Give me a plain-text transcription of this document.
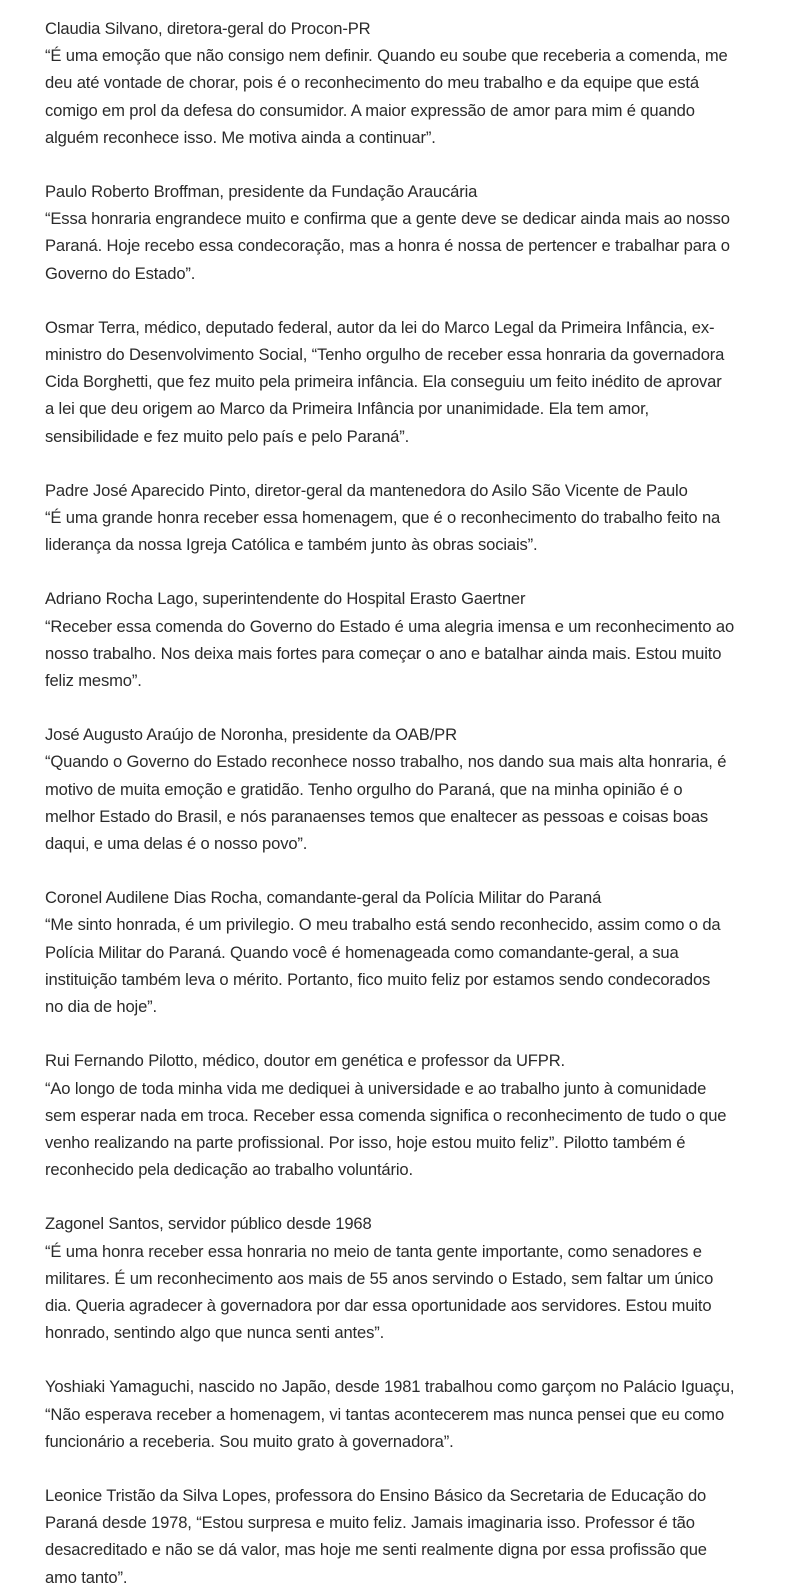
Claudia Silvano, diretora-geral do Procon-PR
“É uma emoção que não consigo nem definir. Quando eu soube que receberia a comenda, me
deu até vontade de chorar, pois é o reconhecimento do meu trabalho e da equipe que está
comigo em prol da defesa do consumidor. A maior expressão de amor para mim é quando
alguém reconhece isso. Me motiva ainda a continuar”.

Paulo Roberto Broffman, presidente da Fundação Araucária
“Essa honraria engrandece muito e confirma que a gente deve se dedicar ainda mais ao nosso
Paraná. Hoje recebo essa condecoração, mas a honra é nossa de pertencer e trabalhar para o
Governo do Estado”.

Osmar Terra, médico, deputado federal, autor da lei do Marco Legal da Primeira Infância, ex-
ministro do Desenvolvimento Social, “Tenho orgulho de receber essa honraria da governadora
Cida Borghetti, que fez muito pela primeira infância. Ela conseguiu um feito inédito de aprovar
a lei que deu origem ao Marco da Primeira Infância por unanimidade. Ela tem amor,
sensibilidade e fez muito pelo país e pelo Paraná”.

Padre José Aparecido Pinto, diretor-geral da mantenedora do Asilo São Vicente de Paulo
“É uma grande honra receber essa homenagem, que é o reconhecimento do trabalho feito na
liderança da nossa Igreja Católica e também junto às obras sociais”.

Adriano Rocha Lago, superintendente do Hospital Erasto Gaertner
“Receber essa comenda do Governo do Estado é uma alegria imensa e um reconhecimento ao
nosso trabalho. Nos deixa mais fortes para começar o ano e batalhar ainda mais. Estou muito
feliz mesmo”.

José Augusto Araújo de Noronha, presidente da OAB/PR
“Quando o Governo do Estado reconhece nosso trabalho, nos dando sua mais alta honraria, é
motivo de muita emoção e gratidão. Tenho orgulho do Paraná, que na minha opinião é o
melhor Estado do Brasil, e nós paranaenses temos que enaltecer as pessoas e coisas boas
daqui, e uma delas é o nosso povo”.

Coronel Audilene Dias Rocha, comandante-geral da Polícia Militar do Paraná
“Me sinto honrada, é um privilegio. O meu trabalho está sendo reconhecido, assim como o da
Polícia Militar do Paraná. Quando você é homenageada como comandante-geral, a sua
instituição também leva o mérito. Portanto, fico muito feliz por estamos sendo condecorados
no dia de hoje”.

Rui Fernando Pilotto, médico, doutor em genética e professor da UFPR.
“Ao longo de toda minha vida me dediquei à universidade e ao trabalho junto à comunidade
sem esperar nada em troca. Receber essa comenda significa o reconhecimento de tudo o que
venho realizando na parte profissional. Por isso, hoje estou muito feliz”. Pilotto também é
reconhecido pela dedicação ao trabalho voluntário.

Zagonel Santos, servidor público desde 1968
“É uma honra receber essa honraria no meio de tanta gente importante, como senadores e
militares. É um reconhecimento aos mais de 55 anos servindo o Estado, sem faltar um único
dia. Queria agradecer à governadora por dar essa oportunidade aos servidores. Estou muito
honrado, sentindo algo que nunca senti antes”.

Yoshiaki Yamaguchi, nascido no Japão, desde 1981 trabalhou como garçom no Palácio Iguaçu,
“Não esperava receber a homenagem, vi tantas acontecerem mas nunca pensei que eu como
funcionário a receberia. Sou muito grato à governadora”.

Leonice Tristão da Silva Lopes, professora do Ensino Básico da Secretaria de Educação do
Paraná desde 1978, “Estou surpresa e muito feliz. Jamais imaginaria isso. Professor é tão
desacreditado e não se dá valor, mas hoje me senti realmente digna por essa profissão que
amo tanto”.
